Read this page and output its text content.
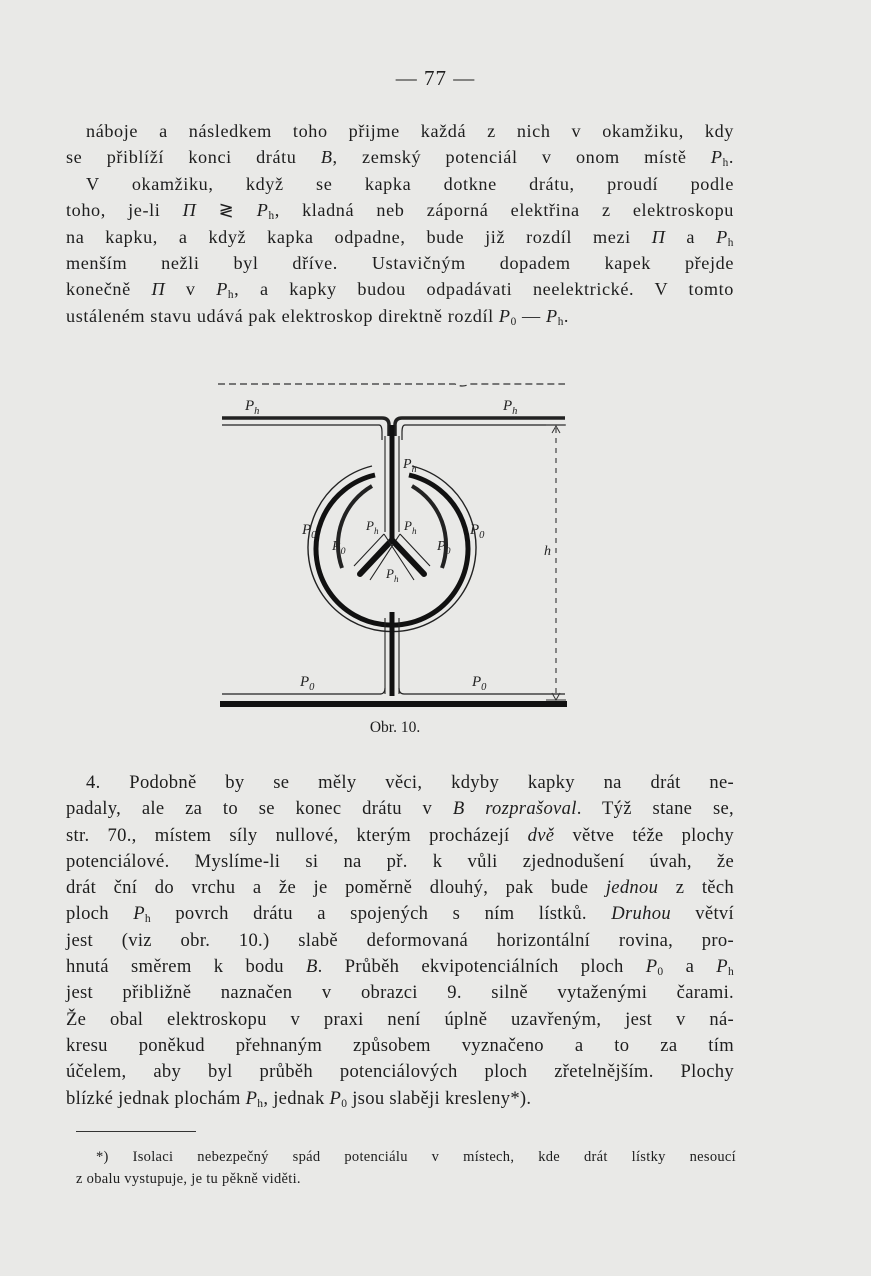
— 77 —
náboje a následkem toho přijme každá z nich v okamžiku, kdy
se přiblíží konci drátu B, zemský potenciál v onom místě $P_h$.
V okamžiku, když se kapka dotkne drátu, proudí podle
toho, je-li Π ≷ $P_h$, kladná neb záporná elektřina z elektroskopu
na kapku, a když kapka odpadne, bude již rozdíl mezi Π a $P_h$
menším nežli byl dříve. Ustavičným dopadem kapek přejde
konečně Π v $P_h$, a kapky budou odpadávati neelektrické. V tomto
ustáleném stavu udává pak elektroskop direktně rozdíl $P_0$ — $P_h$.
$P_h$	$P_h$
$P_h$
$P_h$ $P_h$
$P_h$
$P_0$
$P_0$	$P_0$
$P_0$
h
$P_0$	$P_0$
Obr. 10.
4. Podobně by se měly věci, kdyby kapky na drát ne-
padaly, ale za to se konec drátu v B rozprašoval. Týž stane se,
str. 70., místem síly nullové, kterým procházejí dvě větve téže plochy
potenciálové. Myslíme-li si na př. k vůli zjednodušení úvah, že
drát ční do vrchu a že je poměrně dlouhý, pak bude jednou z těch
ploch $P_h$ povrch drátu a spojených s ním lístků. Druhou větví
jest (viz obr. 10.) slabě deformovaná horizontální rovina, pro-
hnutá směrem k bodu B. Průběh ekvipotenciálních ploch $P_0$ a $P_h$
jest přibližně naznačen v obrazci 9. silně vytaženými čarami.
Že obal elektroskopu v praxi není úplně uzavřeným, jest v ná-
kresu poněkud přehnaným způsobem vyznačeno a to za tím
účelem, aby byl průběh potenciálových ploch zřetelnějším. Plochy
blízké jednak plochám $P_h$, jednak $P_0$ jsou slaběji kresleny*).
*) Isolaci nebezpečný spád potenciálu v místech, kde drát lístky nesoucí
z obalu vystupuje, je tu pěkně viděti.
